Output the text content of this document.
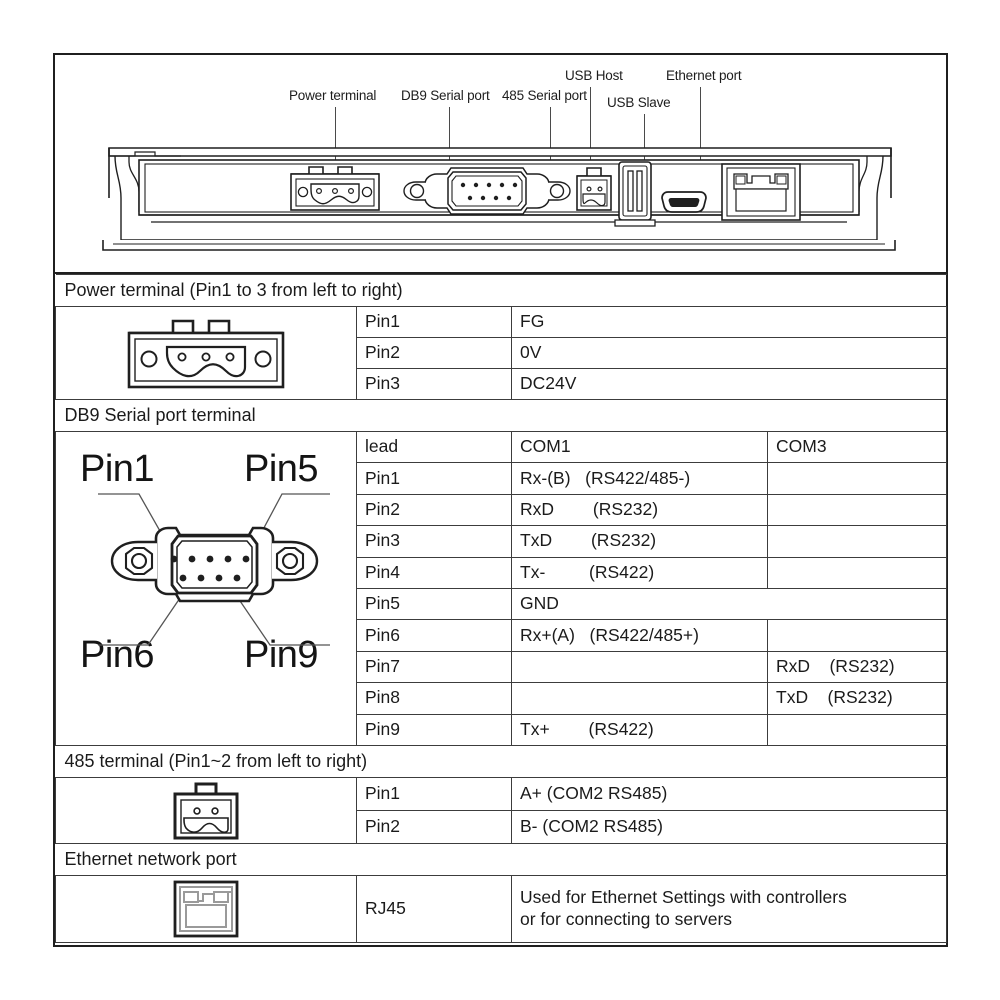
Power terminal DB9 Serial port 485 Serial port
USB Host
USB Slave
Ethernet port
Power terminal (Pin1 to 3 from left to right)			

	Pin1	FG	
	Pin2	0V	
	Pin3	DC24V	
DB9 Serial port terminal			

Pin1 Pin5
Pin6 Pin9	lead	COM1	COM3
	Pin1	Rx-(B)   (RS422/485-)	
	Pin2	RxD        (RS232)	
	Pin3	TxD        (RS232)	
	Pin4	Tx-         (RS422)	
	Pin5	GND	
	Pin6	Rx+(A)   (RS422/485+)	
	Pin7		RxD    (RS232)
	Pin8		TxD    (RS232)
	Pin9	Tx+        (RS422)	
485 terminal (Pin1~2 from left to right)			

	Pin1	A+ (COM2 RS485)	
	Pin2	B- (COM2 RS485)	
Ethernet network port			

	RJ45	Used for Ethernet Settings with controllers
or for connecting to servers	
